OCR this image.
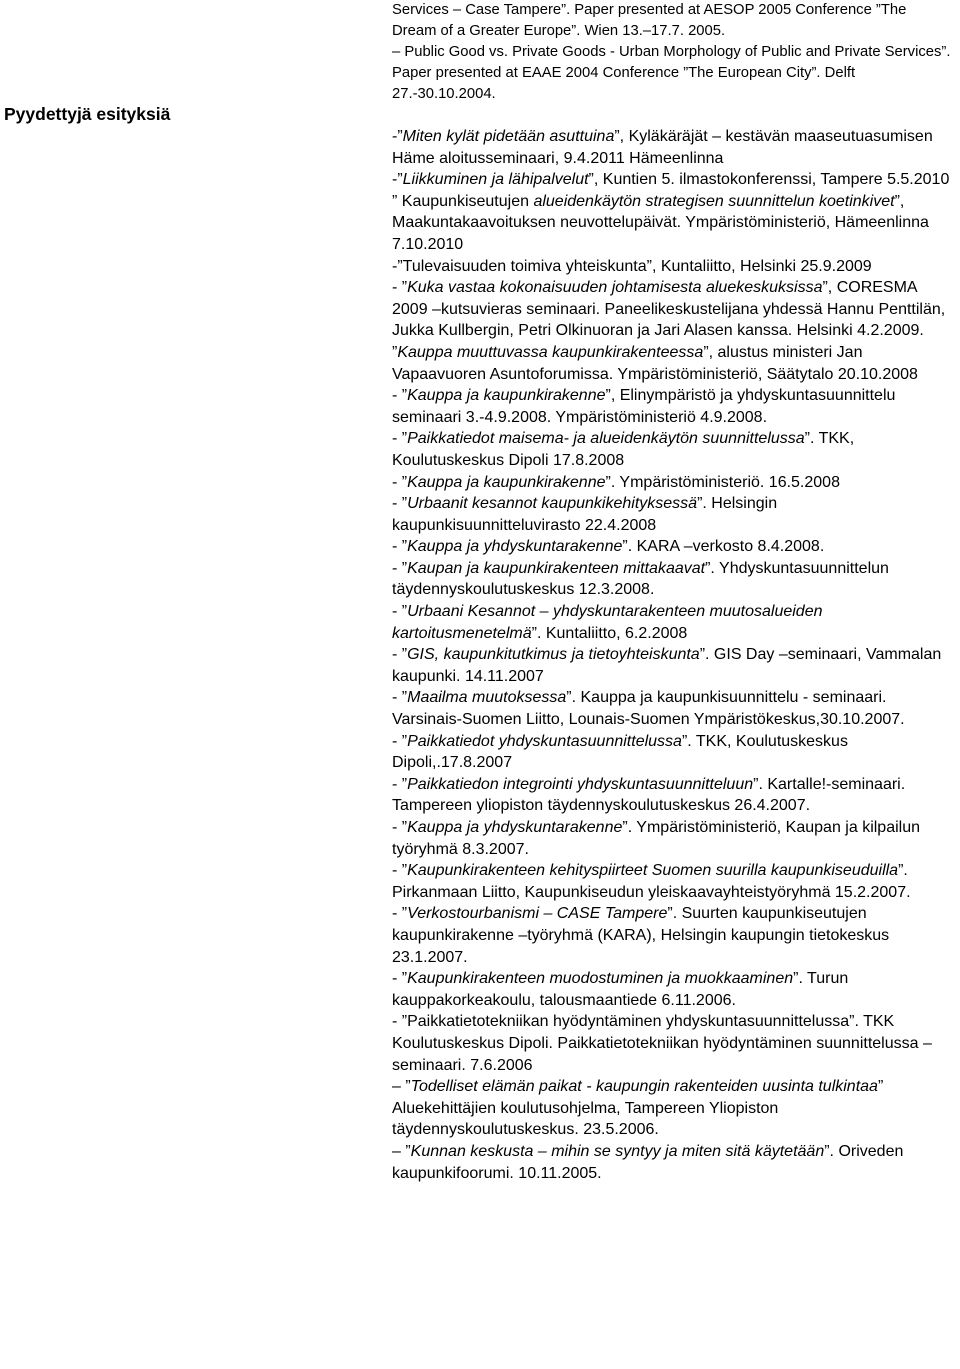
Pyydettyjä esityksiä

Services – Case Tampere”. Paper presented at AESOP 2005 Conference ”The Dream of a Greater Europe”. Wien 13.–17.7. 2005.

– Public Good vs. Private Goods - Urban Morphology of Public and Private Services”. Paper presented at EAAE 2004 Conference ”The European City”. Delft 27.-30.10.2004.

-”Miten kylät pidetään asuttuina”, Kyläkäräjät – kestävän maaseutuasumisen Häme aloitusseminaari, 9.4.2011 Hämeenlinna

-”Liikkuminen ja lähipalvelut”, Kuntien 5. ilmastokonferenssi, Tampere 5.5.2010

” Kaupunkiseutujen alueidenkäytön strategisen suunnittelun koetinkivet”, Maakuntakaavoituksen neuvottelupäivät. Ympäristöministeriö, Hämeenlinna 7.10.2010

-”Tulevaisuuden toimiva yhteiskunta”, Kuntaliitto, Helsinki 25.9.2009

- ”Kuka vastaa kokonaisuuden johtamisesta aluekeskuksissa”, CORESMA 2009 –kutsuvieras seminaari. Paneelikeskustelijana yhdessä Hannu Penttilän, Jukka Kullbergin, Petri Olkinuoran ja Jari Alasen kanssa. Helsinki 4.2.2009.

”Kauppa muuttuvassa kaupunkirakenteessa”, alustus ministeri Jan Vapaavuoren Asuntoforumissa. Ympäristöministeriö, Säätytalo 20.10.2008

- ”Kauppa ja kaupunkirakenne”, Elinympäristö ja yhdyskuntasuunnittelu seminaari 3.-4.9.2008. Ympäristöministeriö 4.9.2008.

- ”Paikkatiedot maisema- ja alueidenkäytön suunnittelussa”. TKK, Koulutuskeskus Dipoli 17.8.2008

- ”Kauppa ja kaupunkirakenne”. Ympäristöministeriö. 16.5.2008

- ”Urbaanit kesannot kaupunkikehityksessä”. Helsingin kaupunkisuunnitteluvirasto 22.4.2008

- ”Kauppa ja yhdyskuntarakenne”. KARA –verkosto 8.4.2008.

- ”Kaupan ja kaupunkirakenteen mittakaavat”. Yhdyskuntasuunnittelun täydennyskoulutuskeskus 12.3.2008.

- ”Urbaani Kesannot – yhdyskuntarakenteen muutosalueiden kartoitusmenetelmä”. Kuntaliitto, 6.2.2008

- ”GIS, kaupunkitutkimus ja tietoyhteiskunta”. GIS Day –seminaari, Vammalan kaupunki. 14.11.2007

- ”Maailma muutoksessa”. Kauppa ja kaupunkisuunnittelu - seminaari. Varsinais-Suomen Liitto, Lounais-Suomen Ympäristökeskus,30.10.2007.

- ”Paikkatiedot yhdyskuntasuunnittelussa”. TKK, Koulutuskeskus Dipoli,.17.8.2007

- ”Paikkatiedon integrointi yhdyskuntasuunnitteluun”. Kartalle!-seminaari. Tampereen yliopiston täydennyskoulutuskeskus 26.4.2007.

- ”Kauppa ja yhdyskuntarakenne”. Ympäristöministeriö, Kaupan ja kilpailun työryhmä 8.3.2007.

- ”Kaupunkirakenteen kehityspiirteet Suomen suurilla kaupunkiseuduilla”. Pirkanmaan Liitto, Kaupunkiseudun yleiskaavayhteistyöryhmä 15.2.2007.

- ”Verkostourbanismi – CASE Tampere”. Suurten kaupunkiseutujen kaupunkirakenne –työryhmä (KARA), Helsingin kaupungin tietokeskus 23.1.2007.

- ”Kaupunkirakenteen muodostuminen ja muokkaaminen”. Turun kauppakorkeakoulu, talousmaantiede 6.11.2006.

- ”Paikkatietotekniikan hyödyntäminen yhdyskuntasuunnittelussa”. TKK Koulutuskeskus Dipoli. Paikkatietotekniikan hyödyntäminen suunnittelussa – seminaari. 7.6.2006

– ”Todelliset elämän paikat - kaupungin rakenteiden uusinta tulkintaa” Aluekehittäjien koulutusohjelma, Tampereen Yliopiston täydennyskoulutuskeskus. 23.5.2006.

– ”Kunnan keskusta – mihin se syntyy ja miten sitä käytetään”. Oriveden kaupunkifoorumi. 10.11.2005.
